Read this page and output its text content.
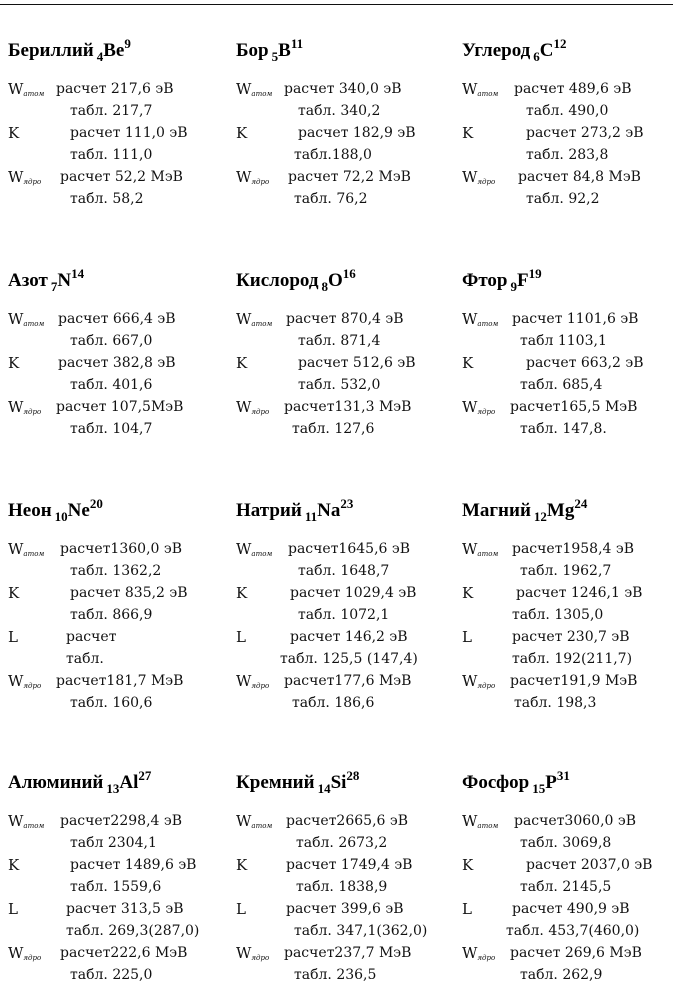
Бериллий $_4Be^9$
$W_{атом}$ расчет 217,6 эВ
табл. 217,7
K	расчет 111,0 эВ
табл. 111,0
$W_{ядро}$ расчет 52,2 МэВ
табл. 58,2
Бор $_5B^{11}$
$W_{атом}$ расчет 340,0 эВ
табл. 340,2
K	расчет 182,9 эВ
табл.188,0
$W_{ядро}$ расчет 72,2 МэВ
табл. 76,2
Углерод $_6C^{12}$
$W_{атом}$ расчет 489,6 эВ
табл. 490,0
K	расчет 273,2 эВ
табл. 283,8
$W_{ядро}$ расчет 84,8 МэВ
табл. 92,2
Азот $_7N^{14}$
$W_{атом}$ расчет 666,4 эВ
табл. 667,0
K	расчет 382,8 эВ
табл. 401,6
$W_{ядро}$ расчет 107,5МэВ
табл. 104,7
Кислород $_8O^{16}$
$W_{атом}$ расчет 870,4 эВ
табл. 871,4
K	расчет 512,6 эВ
табл. 532,0
$W_{ядро}$ расчет131,3 МэВ
табл. 127,6
Фтор $_9F^{19}$
$W_{атом}$ расчет 1101,6 эВ
табл 1103,1
K	расчет 663,2 эВ
табл. 685,4
$W_{ядро}$ расчет165,5 МэВ
табл. 147,8.
Неон $_{10}Ne^{20}$
$W_{атом}$ расчет1360,0 эВ
табл. 1362,2
K	расчет 835,2 эВ
табл. 866,9
L	расчет
табл.
$W_{ядро}$ расчет181,7 МэВ
табл. 160,6
Натрий $_{11}Na^{23}$
$W_{атом}$ расчет1645,6 эВ
табл. 1648,7
K	расчет 1029,4 эВ
табл. 1072,1
L	расчет 146,2 эВ
табл. 125,5 (147,4)
$W_{ядро}$ расчет177,6 МэВ
табл. 186,6
Магний $_{12}Mg^{24}$
$W_{атом}$ расчет1958,4 эВ
табл. 1962,7
K	расчет 1246,1 эВ
табл. 1305,0
L	расчет 230,7 эВ
табл. 192(211,7)
$W_{ядро}$ расчет191,9 МэВ
табл. 198,3
Алюминий $_{13}Al^{27}$
$W_{атом}$ расчет2298,4 эВ
табл 2304,1
K	расчет 1489,6 эВ
табл. 1559,6
L	расчет 313,5 эВ
табл. 269,3(287,0)
$W_{ядро}$ расчет222,6 МэВ
табл. 225,0
Кремний $_{14}Si^{28}$
$W_{атом}$ расчет2665,6 эВ
табл. 2673,2
K	расчет 1749,4 эВ
табл. 1838,9
L	расчет 399,6 эВ
табл. 347,1(362,0)
$W_{ядро}$ расчет237,7 МэВ
табл. 236,5
Фосфор $_{15}P^{31}$
$W_{атом}$ расчет3060,0 эВ
табл. 3069,8
K	расчет 2037,0 эВ
табл. 2145,5
L	расчет 490,9 эВ
табл. 453,7(460,0)
$W_{ядро}$ расчет 269,6 МэВ
табл. 262,9
